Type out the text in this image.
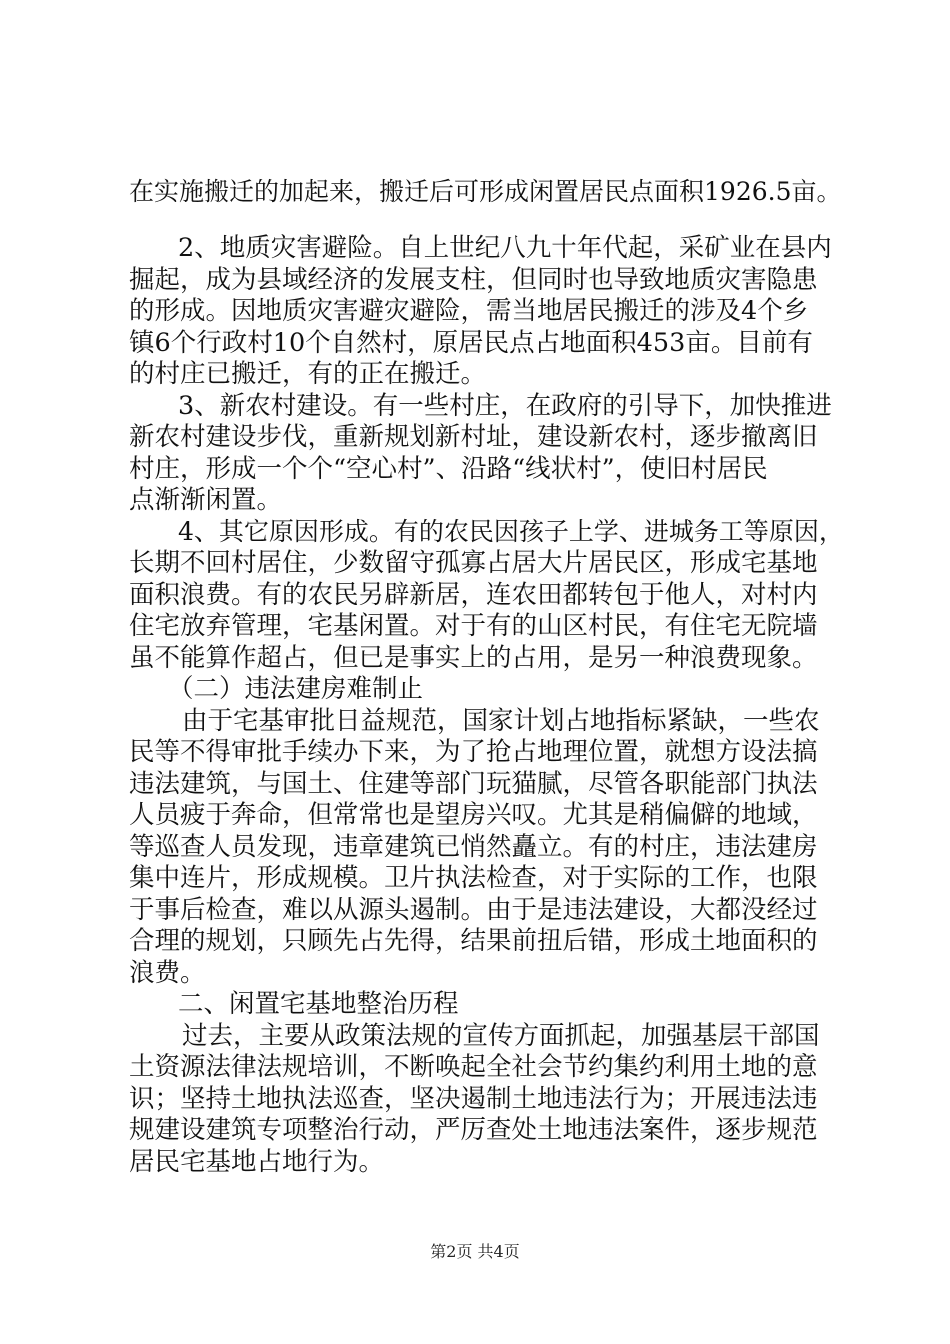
在实施搬迁的加起来，搬迁后可形成闲置居民点面积1926.5亩。
2、地质灾害避险。自上世纪八九十年代起，采矿业在县内
掘起，成为县域经济的发展支柱，但同时也导致地质灾害隐患
的形成。因地质灾害避灾避险，需当地居民搬迁的涉及4个乡
镇6个行政村10个自然村，原居民点占地面积453亩。目前有
的村庄已搬迁，有的正在搬迁。
3、新农村建设。有一些村庄，在政府的引导下，加快推进
新农村建设步伐，重新规划新村址，建设新农村，逐步撤离旧
村庄，形成一个个“空心村”、沿路“线状村”，使旧村居民
点渐渐闲置。
4、其它原因形成。有的农民因孩子上学、进城务工等原因，
长期不回村居住，少数留守孤寡占居大片居民区，形成宅基地
面积浪费。有的农民另辟新居，连农田都转包于他人，对村内
住宅放弃管理，宅基闲置。对于有的山区村民，有住宅无院墙
虽不能算作超占，但已是事实上的占用，是另一种浪费现象。
（二）违法建房难制止
由于宅基审批日益规范，国家计划占地指标紧缺，一些农
民等不得审批手续办下来，为了抢占地理位置，就想方设法搞
违法建筑，与国土、住建等部门玩猫腻，尽管各职能部门执法
人员疲于奔命，但常常也是望房兴叹。尤其是稍偏僻的地域，
等巡查人员发现，违章建筑已悄然矗立。有的村庄，违法建房
集中连片，形成规模。卫片执法检查，对于实际的工作，也限
于事后检查，难以从源头遏制。由于是违法建设，大都没经过
合理的规划，只顾先占先得，结果前扭后错，形成土地面积的
浪费。
二、闲置宅基地整治历程
过去，主要从政策法规的宣传方面抓起，加强基层干部国
土资源法律法规培训，不断唤起全社会节约集约利用土地的意
识；坚持土地执法巡查，坚决遏制土地违法行为；开展违法违
规建设建筑专项整治行动，严厉查处土地违法案件，逐步规范
居民宅基地占地行为。
第2页 共4页
